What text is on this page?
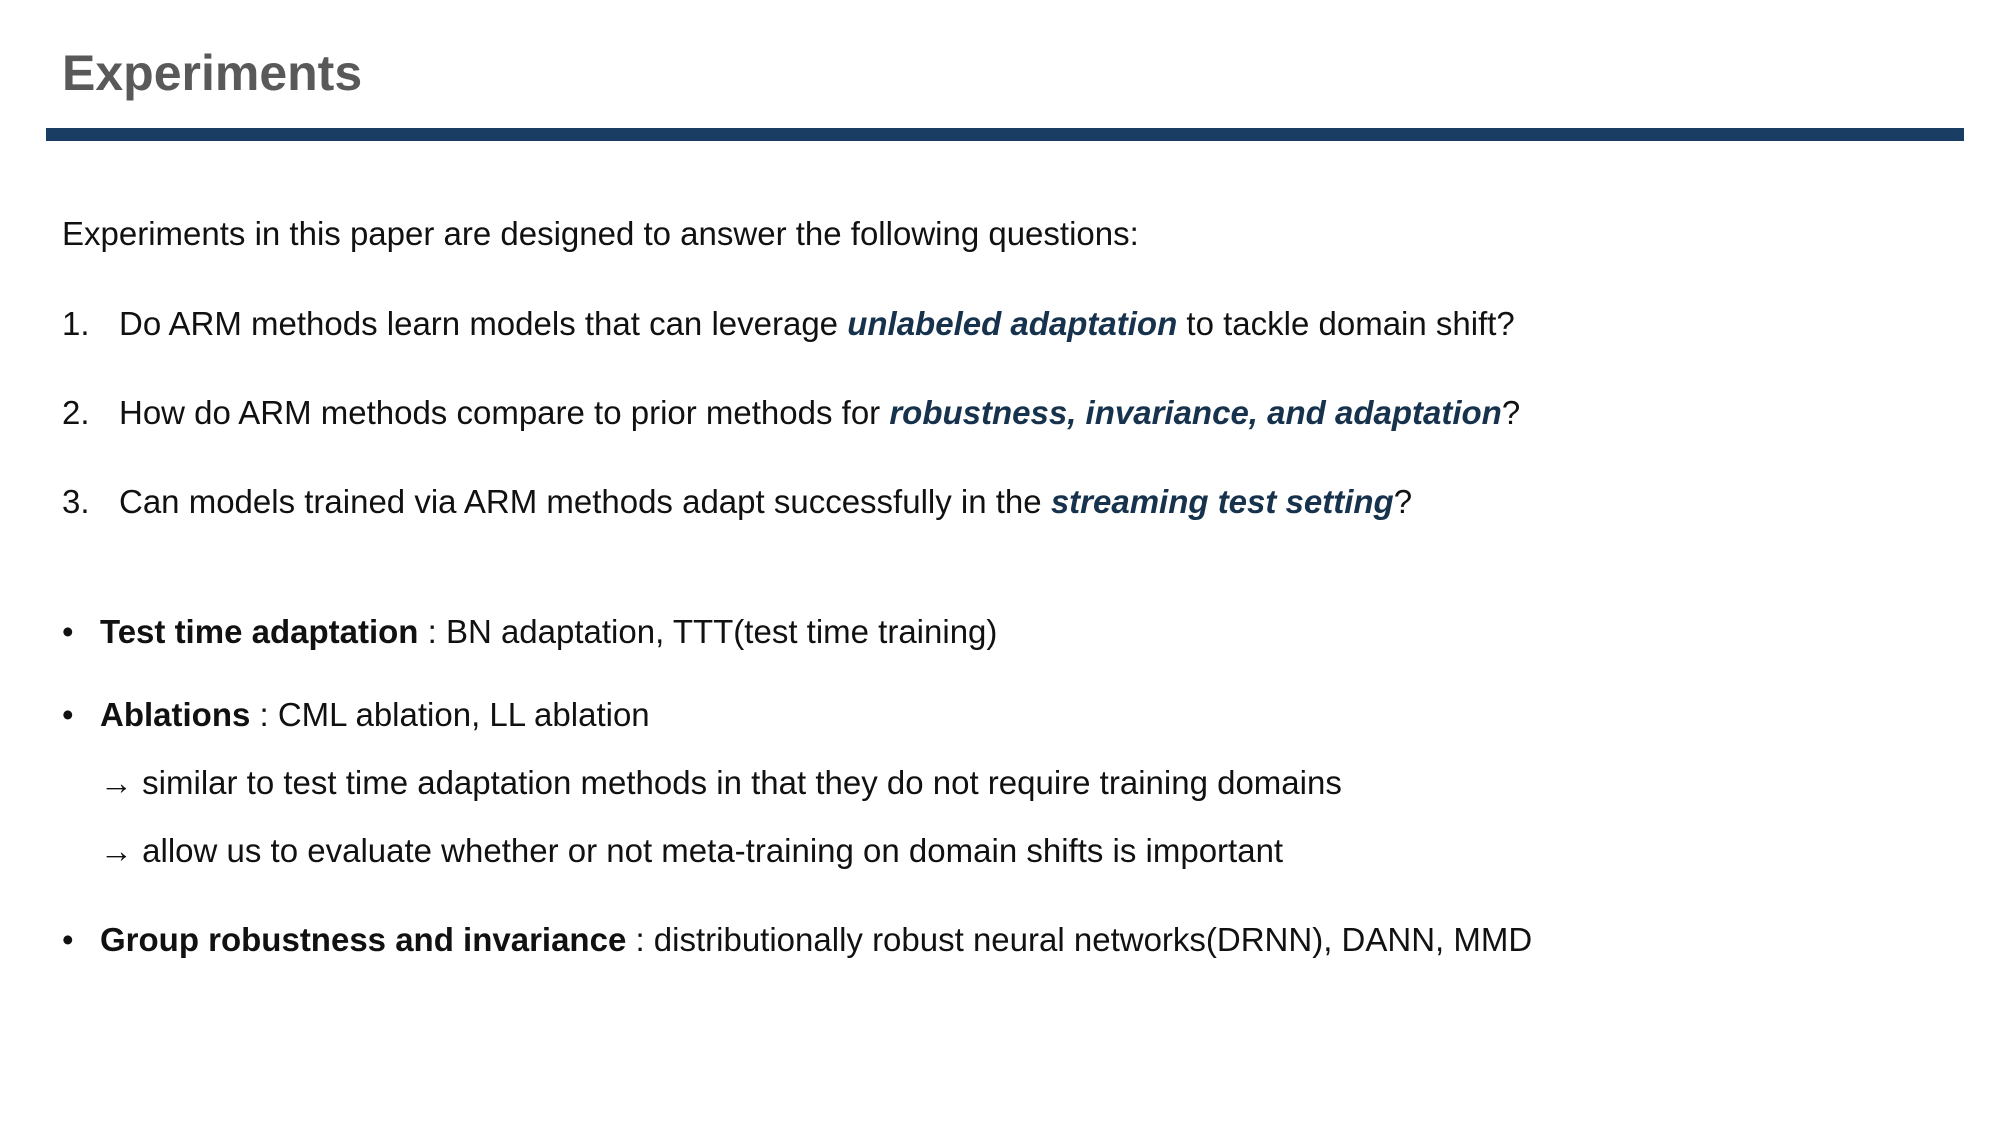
Experiments
Experiments in this paper are designed to answer the following questions:
1. Do ARM methods learn models that can leverage unlabeled adaptation to tackle domain shift?
2. How do ARM methods compare to prior methods for robustness, invariance, and adaptation?
3. Can models trained via ARM methods adapt successfully in the streaming test setting?
• Test time adaptation : BN adaptation, TTT(test time training)
• Ablations : CML ablation, LL ablation
→ similar to test time adaptation methods in that they do not require training domains
→ allow us to evaluate whether or not meta-training on domain shifts is important
• Group robustness and invariance : distributionally robust neural networks(DRNN), DANN, MMD
